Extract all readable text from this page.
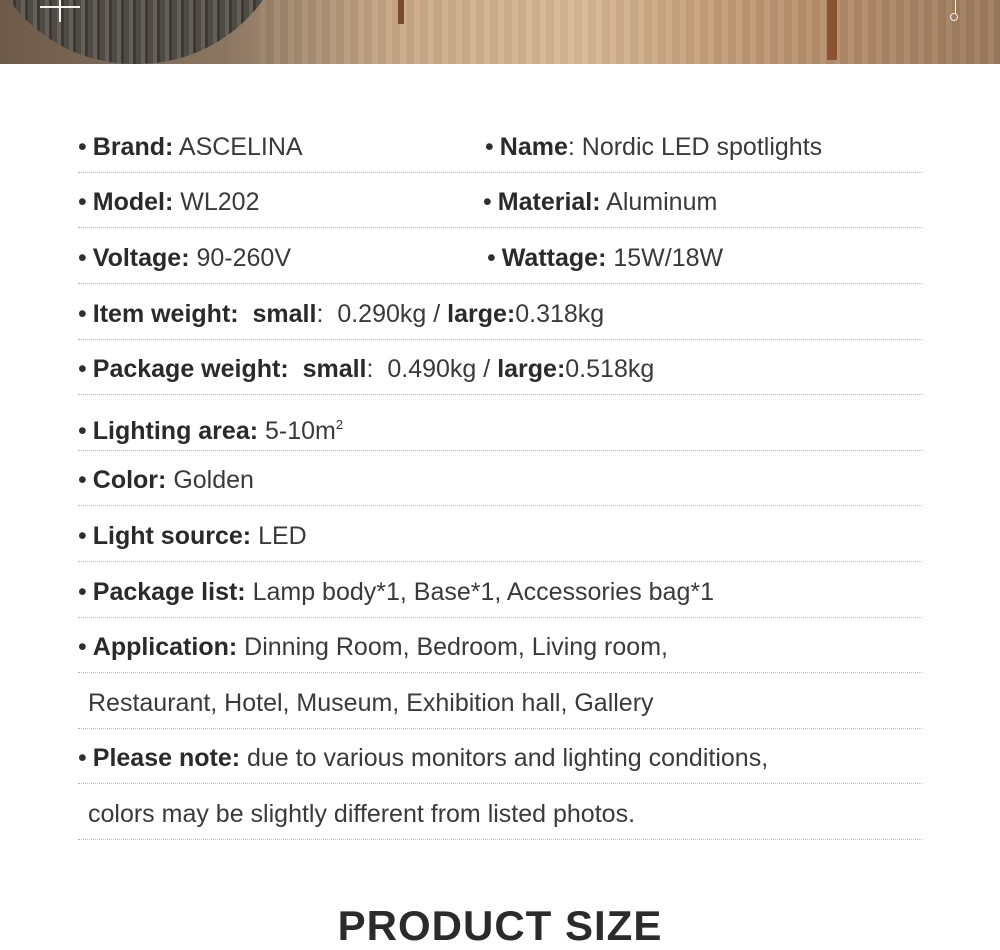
• Brand: ASCELINA	• Name: Nordic LED spotlights
• Model: WL202	• Material: Aluminum
• Voltage: 90-260V	• Wattage: 15W/18W
• Item weight: small: 0.290kg / large:0.318kg
• Package weight: small: 0.490kg / large:0.518kg
• Lighting area: $5-10m^2$
• Color: Golden
• Light source: LED
• Package list: Lamp body*1, Base*1, Accessories bag*1
• Application: Dinning Room, Bedroom, Living room,
Restaurant, Hotel, Museum, Exhibition hall, Gallery
• Please note: due to various monitors and lighting conditions,
colors may be slightly different from listed photos.
PRODUCT SIZE
